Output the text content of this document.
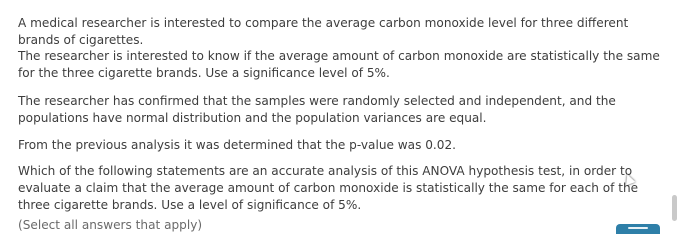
A medical researcher is interested to compare the average carbon monoxide level for three different brands of cigarettes.

The researcher is interested to know if the average amount of carbon monoxide are statistically the same for the three cigarette brands. Use a significance level of 5%.

The researcher has confirmed that the samples were randomly selected and independent, and the populations have normal distribution and the population variances are equal.

From the previous analysis it was determined that the p-value was 0.02.

Which of the following statements are an accurate analysis of this ANOVA hypothesis test, in order to evaluate a claim that the average amount of carbon monoxide is statistically the same for each of the three cigarette brands. Use a level of significance of 5%.

(Select all answers that apply)
